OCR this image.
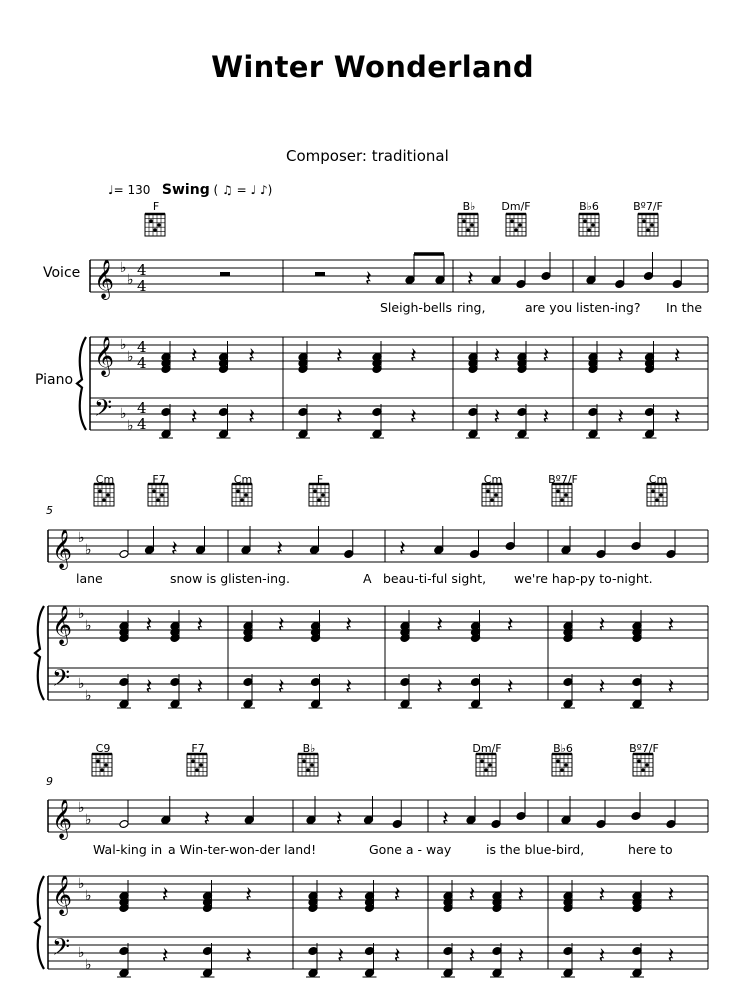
Winter Wonderland
Composer: traditional
♩= 130 Swing ( ♫ = ♩ ♪)
Voice
Piano
5
9
F	B♭	Dm/F	B♭6	Bº7/F
Cm	F7	Cm	F	Cm	Bº7/F	Cm
C9	F7	B♭	Dm/F	B♭6	Bº7/F
Sleigh-bells ring,	are you listen-ing? In the
lane	snow is glisten-ing.	A beau-ti-ful sight, we're hap-py to-night.
Wal-king in a Win-ter-won-der land!	Gone a - way	is the blue-bird,	here to
𝄞
𝄞
𝄢
♭
♭
♭
♭
♭
♭
4
4
4
4
4
4
𝄽	𝄽
𝄽
𝄽
𝄽
𝄽
𝄽
𝄽
𝄽
𝄽
𝄽
𝄽
𝄽
𝄽
𝄽
𝄽
𝄽
𝄽
𝄞
𝄞
𝄢
♭
♭
♭
♭
♭
♭
𝄽	𝄽	𝄽
𝄽
𝄽
𝄽
𝄽
𝄽
𝄽
𝄽
𝄽
𝄽
𝄽
𝄽
𝄽
𝄽
𝄽
𝄽
𝄽
𝄞
𝄞
𝄢
♭
♭
♭
♭
♭
♭
𝄽	𝄽	𝄽
𝄽
𝄽
𝄽
𝄽
𝄽
𝄽
𝄽
𝄽
𝄽
𝄽
𝄽
𝄽
𝄽
𝄽
𝄽
𝄽
